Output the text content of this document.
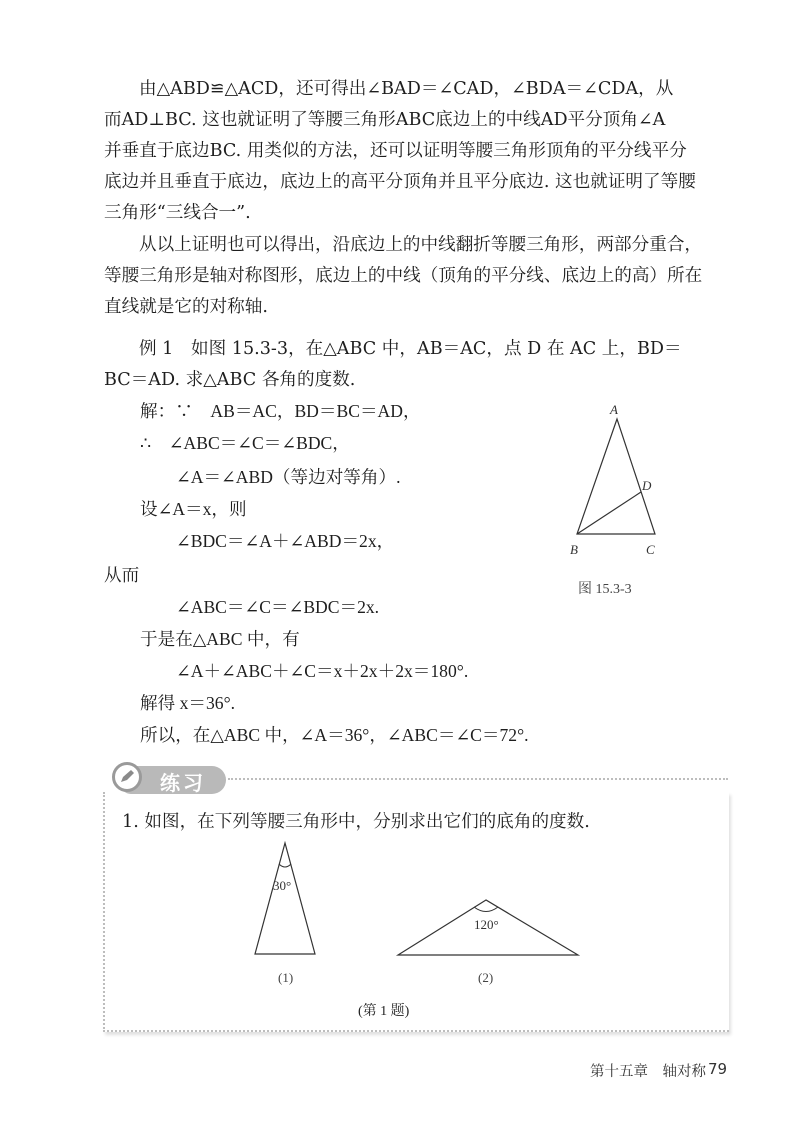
由△ABD≌△ACD，还可得出∠BAD＝∠CAD，∠BDA＝∠CDA，从
而AD⊥BC. 这也就证明了等腰三角形ABC底边上的中线AD平分顶角∠A
并垂直于底边BC. 用类似的方法，还可以证明等腰三角形顶角的平分线平分
底边并且垂直于底边，底边上的高平分顶角并且平分底边. 这也就证明了等腰
三角形“三线合一”.
从以上证明也可以得出，沿底边上的中线翻折等腰三角形，两部分重合，
等腰三角形是轴对称图形，底边上的中线（顶角的平分线、底边上的高）所在
直线就是它的对称轴.
例 1　如图 15.3-3，在△ABC 中，AB＝AC，点 D 在 AC 上，BD＝
BC＝AD. 求△ABC 各角的度数.
解：∵　AB＝AC，BD＝BC＝AD，
∴　∠ABC＝∠C＝∠BDC，
∠A＝∠ABD（等边对等角）.
设∠A＝x，则
∠BDC＝∠A＋∠ABD＝2x，
从而
∠ABC＝∠C＝∠BDC＝2x.
于是在△ABC 中，有
∠A＋∠ABC＋∠C＝x＋2x＋2x＝180°.
解得 x＝36°.
所以，在△ABC 中，∠A＝36°，∠ABC＝∠C＝72°.
A
D
B	C
图 15.3-3
练习
1. 如图，在下列等腰三角形中，分别求出它们的底角的度数.
30°
(1)
120°
(2)
(第 1 题)
第十五章　轴对称 79
